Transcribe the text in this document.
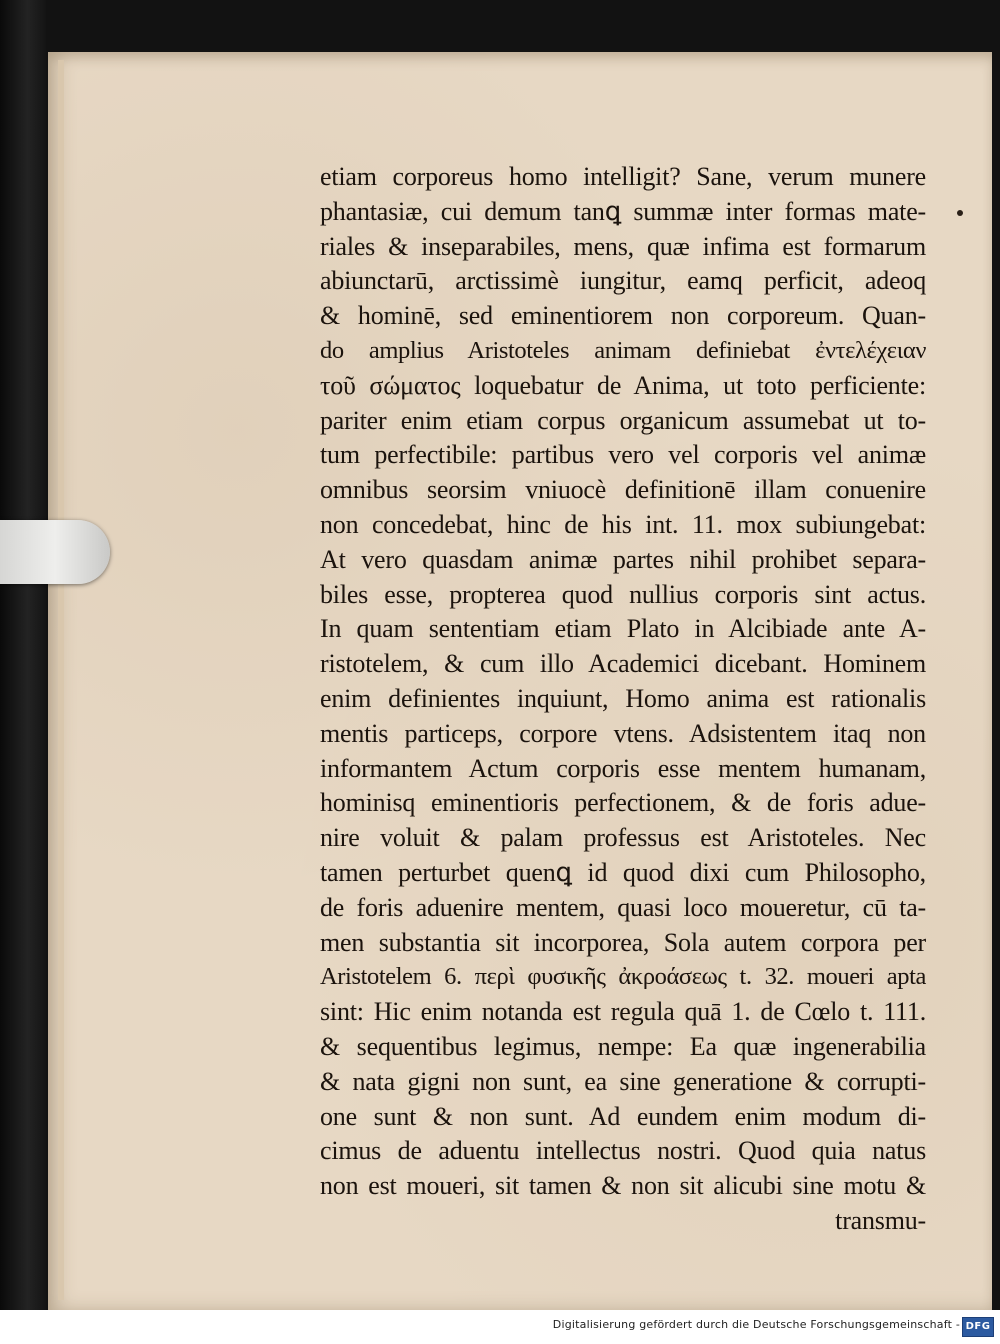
etiam corporeus homo intelligit? Sane, verum munere
phantasiæ, cui demum tanꝗ summæ inter formas mate-
riales & inseparabiles, mens, quæ infima est formarum
abiunctarū, arctissimè iungitur, eamq perficit, adeoq
& hominē, sed eminentiorem non corporeum. Quan-
do amplius Aristoteles animam definiebat ἐντελέχειαν
τοῦ σώματος loquebatur de Anima, ut toto perficiente:
pariter enim etiam corpus organicum assumebat ut to-
tum perfectibile: partibus vero vel corporis vel animæ
omnibus seorsim vniuocè definitionē illam conuenire
non concedebat, hinc de his int. 11. mox subiungebat:
At vero quasdam animæ partes nihil prohibet separa-
biles esse, propterea quod nullius corporis sint actus.
In quam sententiam etiam Plato in Alcibiade ante A-
ristotelem, & cum illo Academici dicebant. Hominem
enim definientes inquiunt, Homo anima est rationalis
mentis particeps, corpore vtens. Adsistentem itaq non
informantem Actum corporis esse mentem humanam,
hominisq eminentioris perfectionem, & de foris adue-
nire voluit & palam professus est Aristoteles. Nec
tamen perturbet quenꝗ id quod dixi cum Philosopho,
de foris aduenire mentem, quasi loco moueretur, cū ta-
men substantia sit incorporea, Sola autem corpora per
Aristotelem 6. περὶ φυσικῆς ἀκροάσεως t. 32. moueri apta
sint: Hic enim notanda est regula quā 1. de Cœlo t. 111.
& sequentibus legimus, nempe: Ea quæ ingenerabilia
& nata gigni non sunt, ea sine generatione & corrupti-
one sunt & non sunt. Ad eundem enim modum di-
cimus de aduentu intellectus nostri. Quod quia natus
non est moueri, sit tamen & non sit alicubi sine motu &
transmu-
Digitalisierung gefördert durch die Deutsche Forschungsgemeinschaft - DFG
